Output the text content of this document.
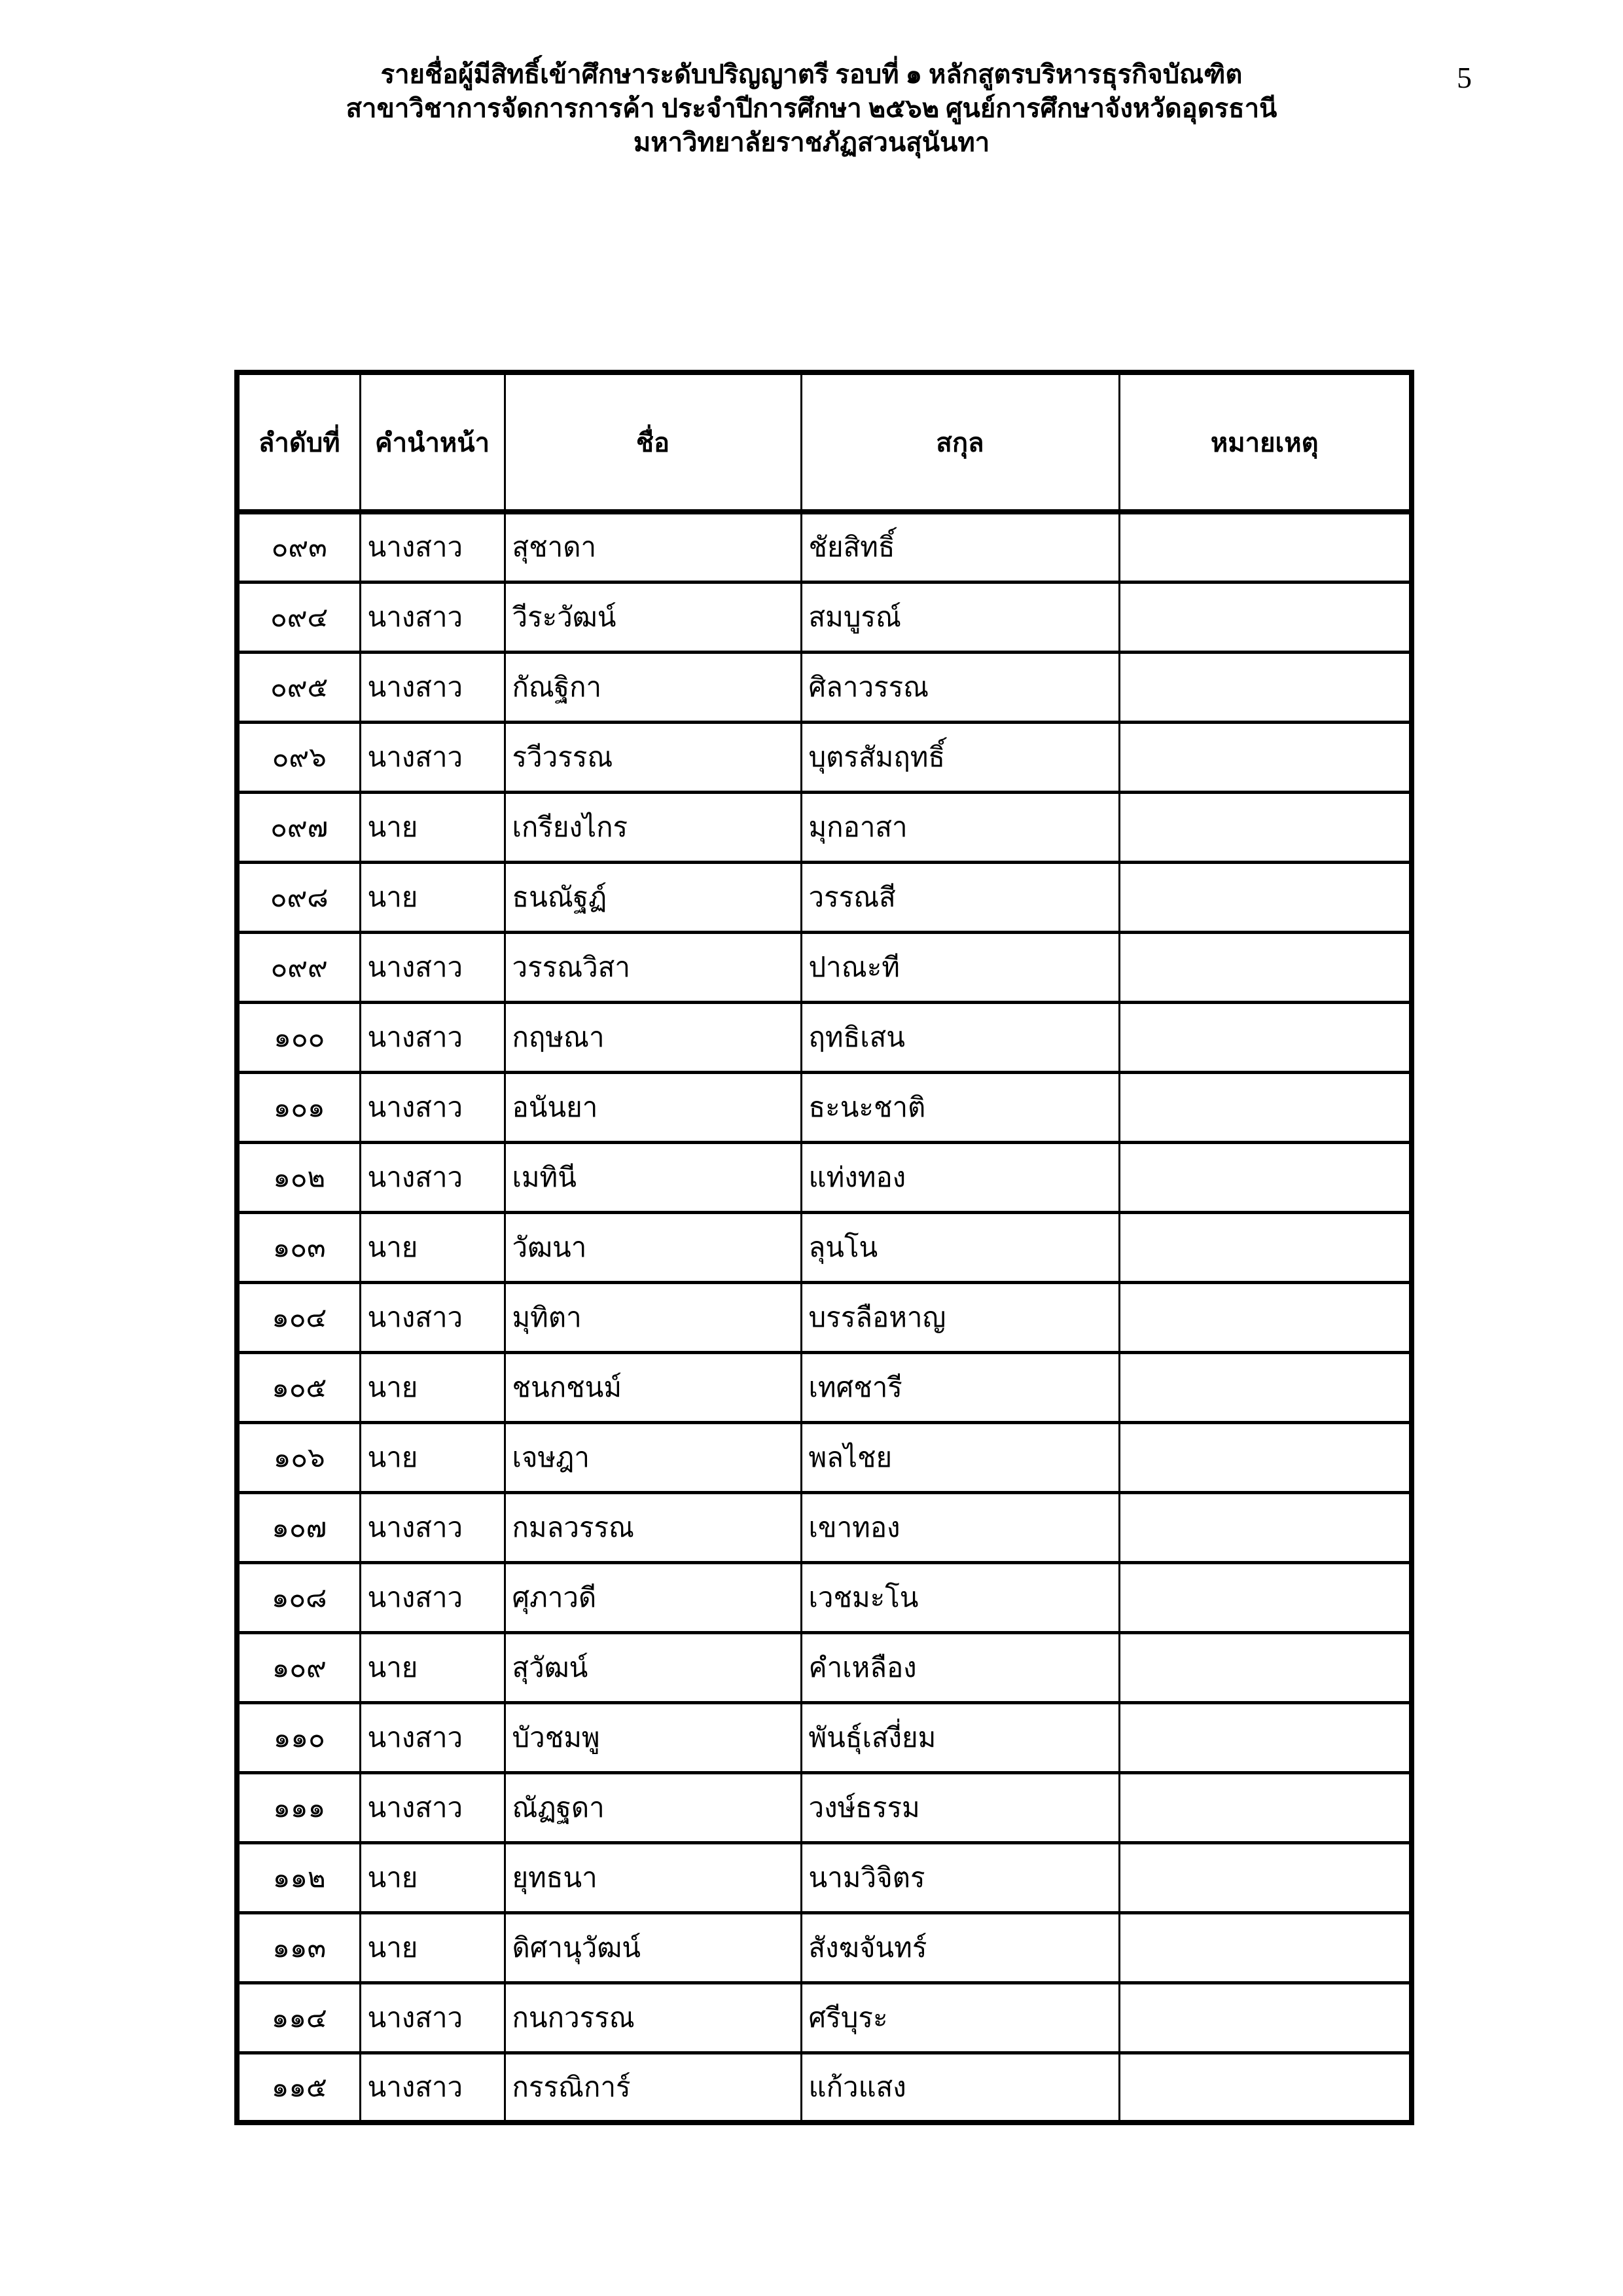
5
รายชื่อผู้มีสิทธิ์เข้าศึกษาระดับปริญญาตรี รอบที่ ๑ หลักสูตรบริหารธุรกิจบัณฑิต
สาขาวิชาการจัดการการค้า ประจำปีการศึกษา ๒๕๖๒ ศูนย์การศึกษาจังหวัดอุดรธานี
มหาวิทยาลัยราชภัฏสวนสุนันทา
ลำดับที่	คำนำหน้า	ชื่อ	สกุล	หมายเหตุ
๐๙๓	นางสาว	สุชาดา	ชัยสิทธิ์	
๐๙๔	นางสาว	วีระวัฒน์	สมบูรณ์	
๐๙๕	นางสาว	กัณฐิกา	ศิลาวรรณ	
๐๙๖	นางสาว	รวีวรรณ	บุตรสัมฤทธิ์	
๐๙๗	นาย	เกรียงไกร	มุกอาสา	
๐๙๘	นาย	ธนณัฐฏ์	วรรณสี	
๐๙๙	นางสาว	วรรณวิสา	ปาณะที	
๑๐๐	นางสาว	กฤษณา	ฤทธิเสน	
๑๐๑	นางสาว	อนันยา	ธะนะชาติ	
๑๐๒	นางสาว	เมทินี	แท่งทอง	
๑๐๓	นาย	วัฒนา	ลุนโน	
๑๐๔	นางสาว	มุทิตา	บรรลือหาญ	
๑๐๕	นาย	ชนกชนม์	เทศชารี	
๑๐๖	นาย	เจษฎา	พลไชย	
๑๐๗	นางสาว	กมลวรรณ	เขาทอง	
๑๐๘	นางสาว	ศุภาวดี	เวชมะโน	
๑๐๙	นาย	สุวัฒน์	คำเหลือง	
๑๑๐	นางสาว	บัวชมพู	พันธุ์เสงี่ยม	
๑๑๑	นางสาว	ณัฏฐดา	วงษ์ธรรม	
๑๑๒	นาย	ยุทธนา	นามวิจิตร	
๑๑๓	นาย	ดิศานุวัฒน์	สังฆจันทร์	
๑๑๔	นางสาว	กนกวรรณ	ศรีบุระ	
๑๑๕	นางสาว	กรรณิการ์	แก้วแสง	
